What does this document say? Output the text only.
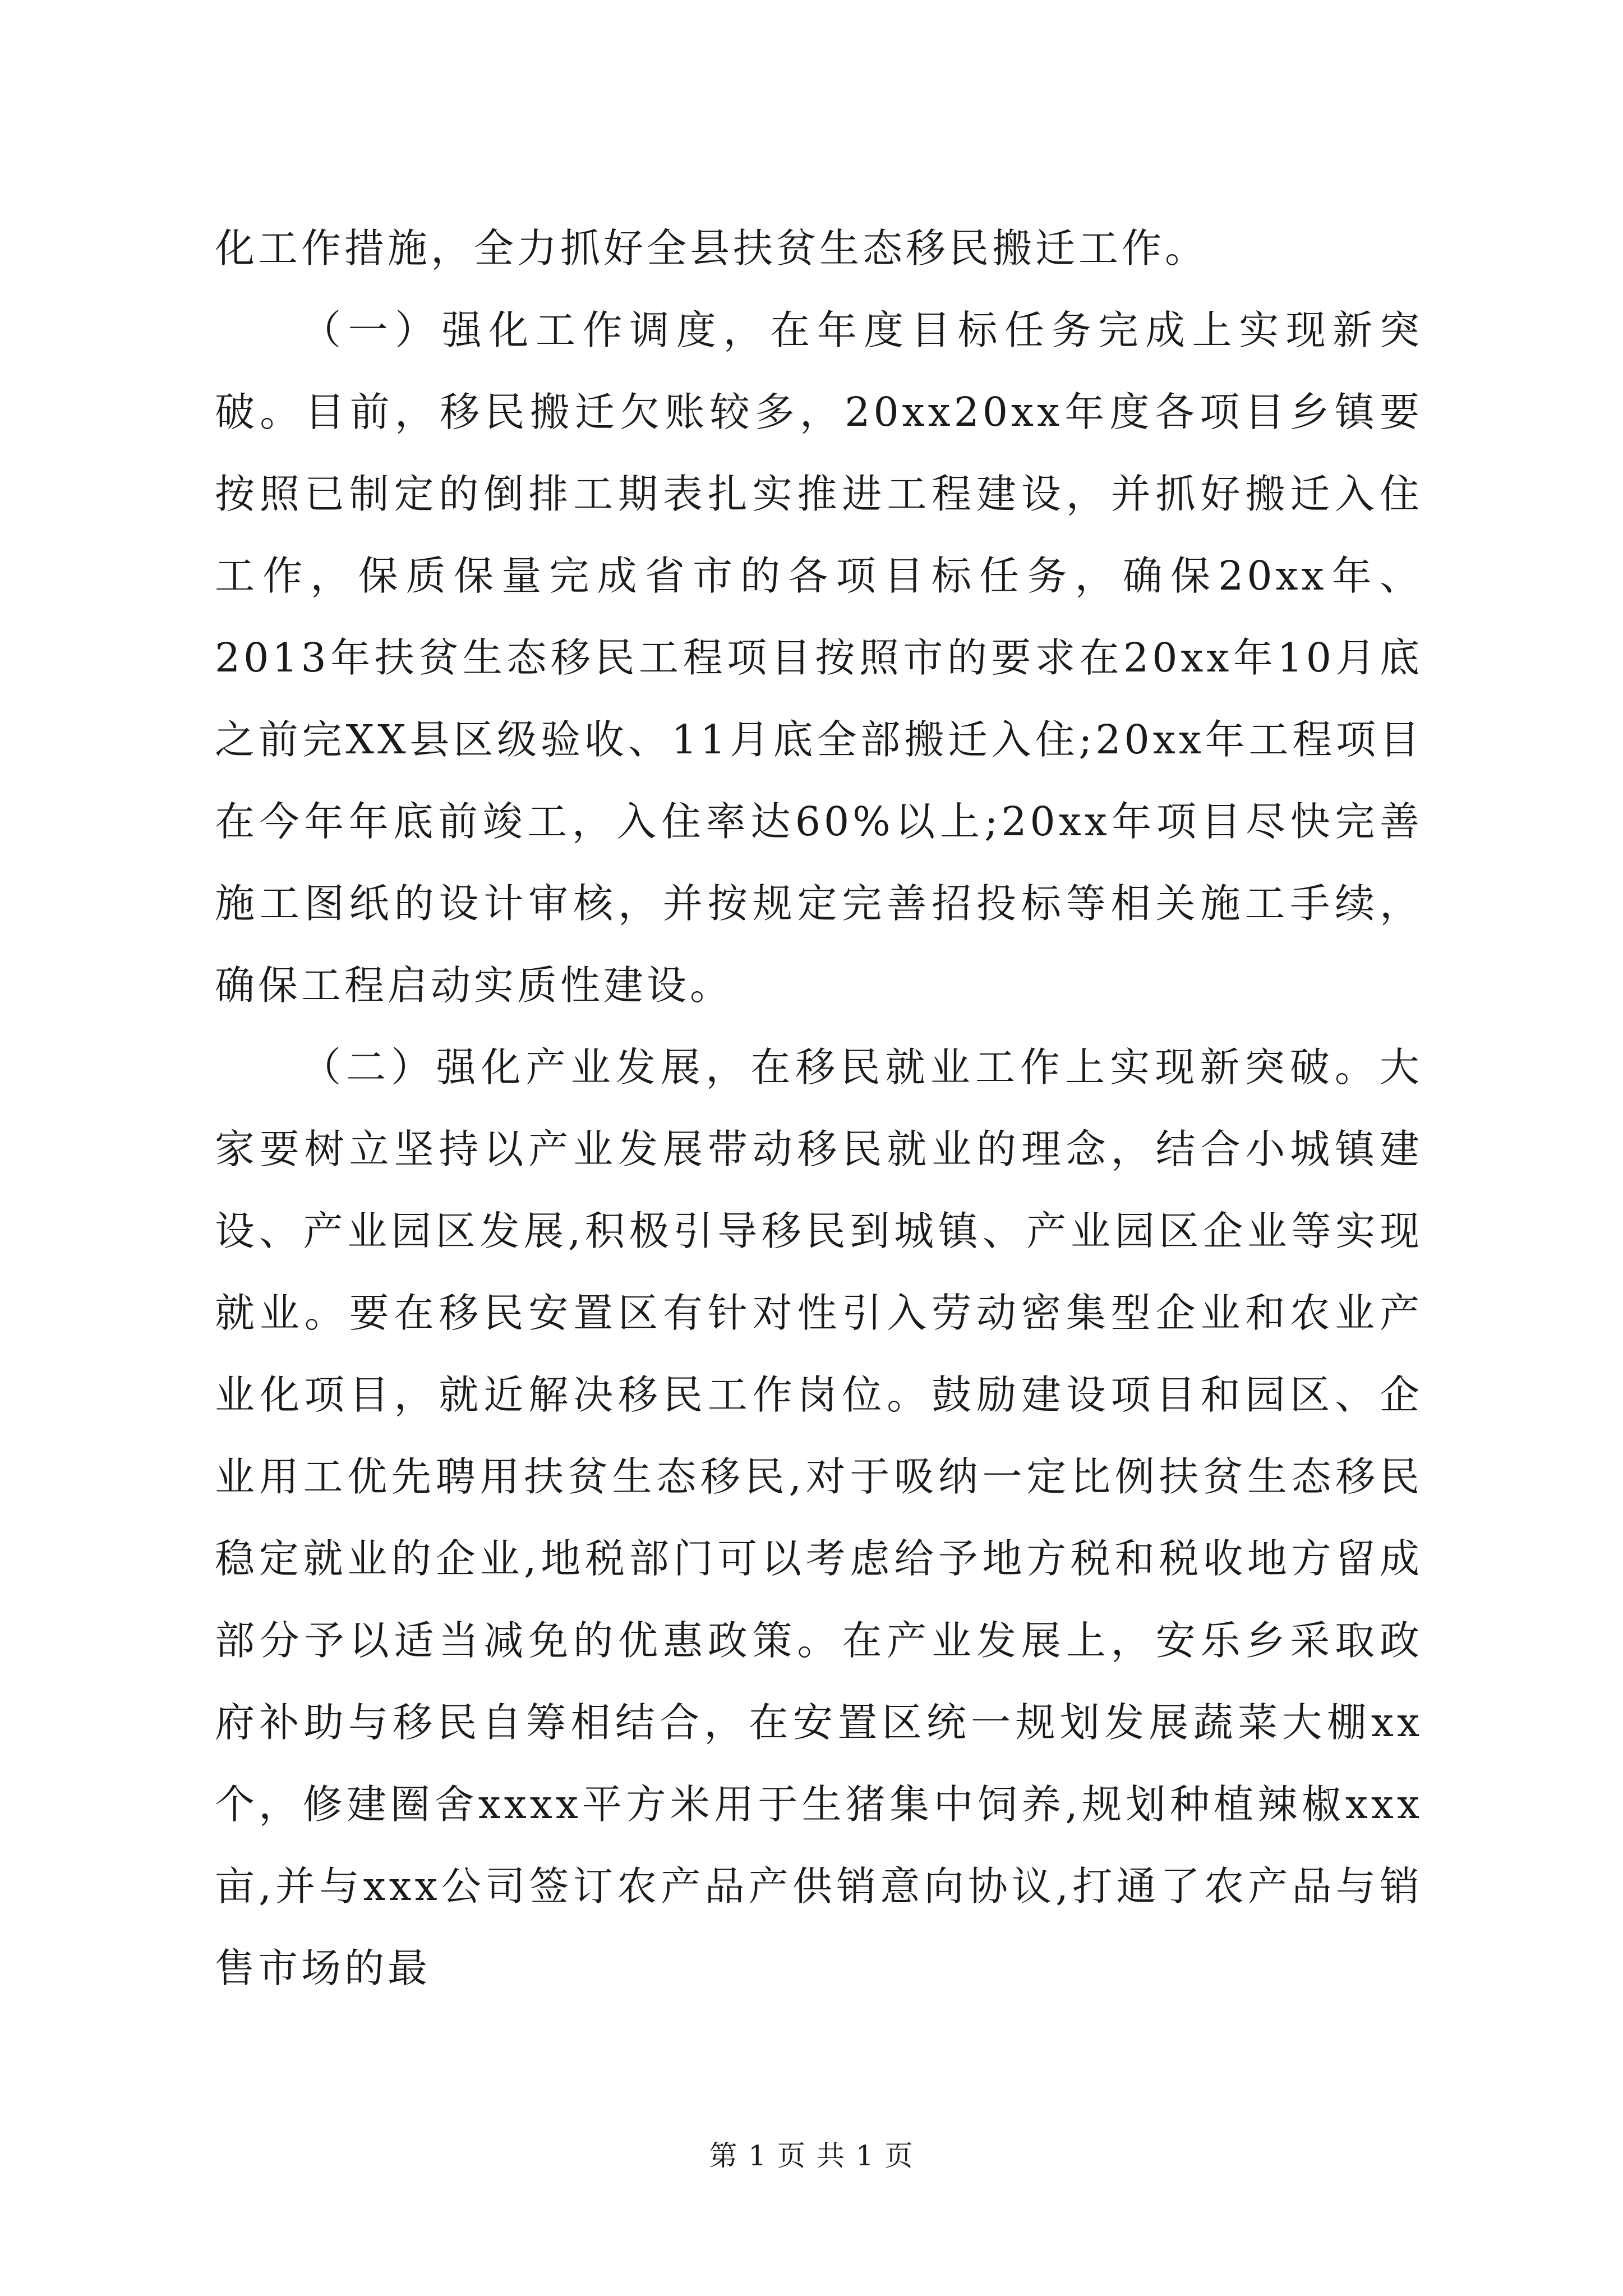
化工作措施，全力抓好全县扶贫生态移民搬迁工作。

（一）强化工作调度，在年度目标任务完成上实现新突破。目前，移民搬迁欠账较多，20xx20xx年度各项目乡镇要按照已制定的倒排工期表扎实推进工程建设，并抓好搬迁入住工作，保质保量完成省市的各项目标任务，确保20xx年、2013年扶贫生态移民工程项目按照市的要求在20xx年10月底之前完XX县区级验收、11月底全部搬迁入住;20xx年工程项目在今年年底前竣工，入住率达60%以上;20xx年项目尽快完善施工图纸的设计审核，并按规定完善招投标等相关施工手续，确保工程启动实质性建设。

（二）强化产业发展，在移民就业工作上实现新突破。大家要树立坚持以产业发展带动移民就业的理念，结合小城镇建设、产业园区发展,积极引导移民到城镇、产业园区企业等实现就业。要在移民安置区有针对性引入劳动密集型企业和农业产业化项目，就近解决移民工作岗位。鼓励建设项目和园区、企业用工优先聘用扶贫生态移民,对于吸纳一定比例扶贫生态移民稳定就业的企业,地税部门可以考虑给予地方税和税收地方留成部分予以适当减免的优惠政策。在产业发展上，安乐乡采取政府补助与移民自筹相结合，在安置区统一规划发展蔬菜大棚xx个，修建圈舍xxxx平方米用于生猪集中饲养,规划种植辣椒xxx亩,并与xxx公司签订农产品产供销意向协议,打通了农产品与销售市场的最

第 1 页 共 1 页
